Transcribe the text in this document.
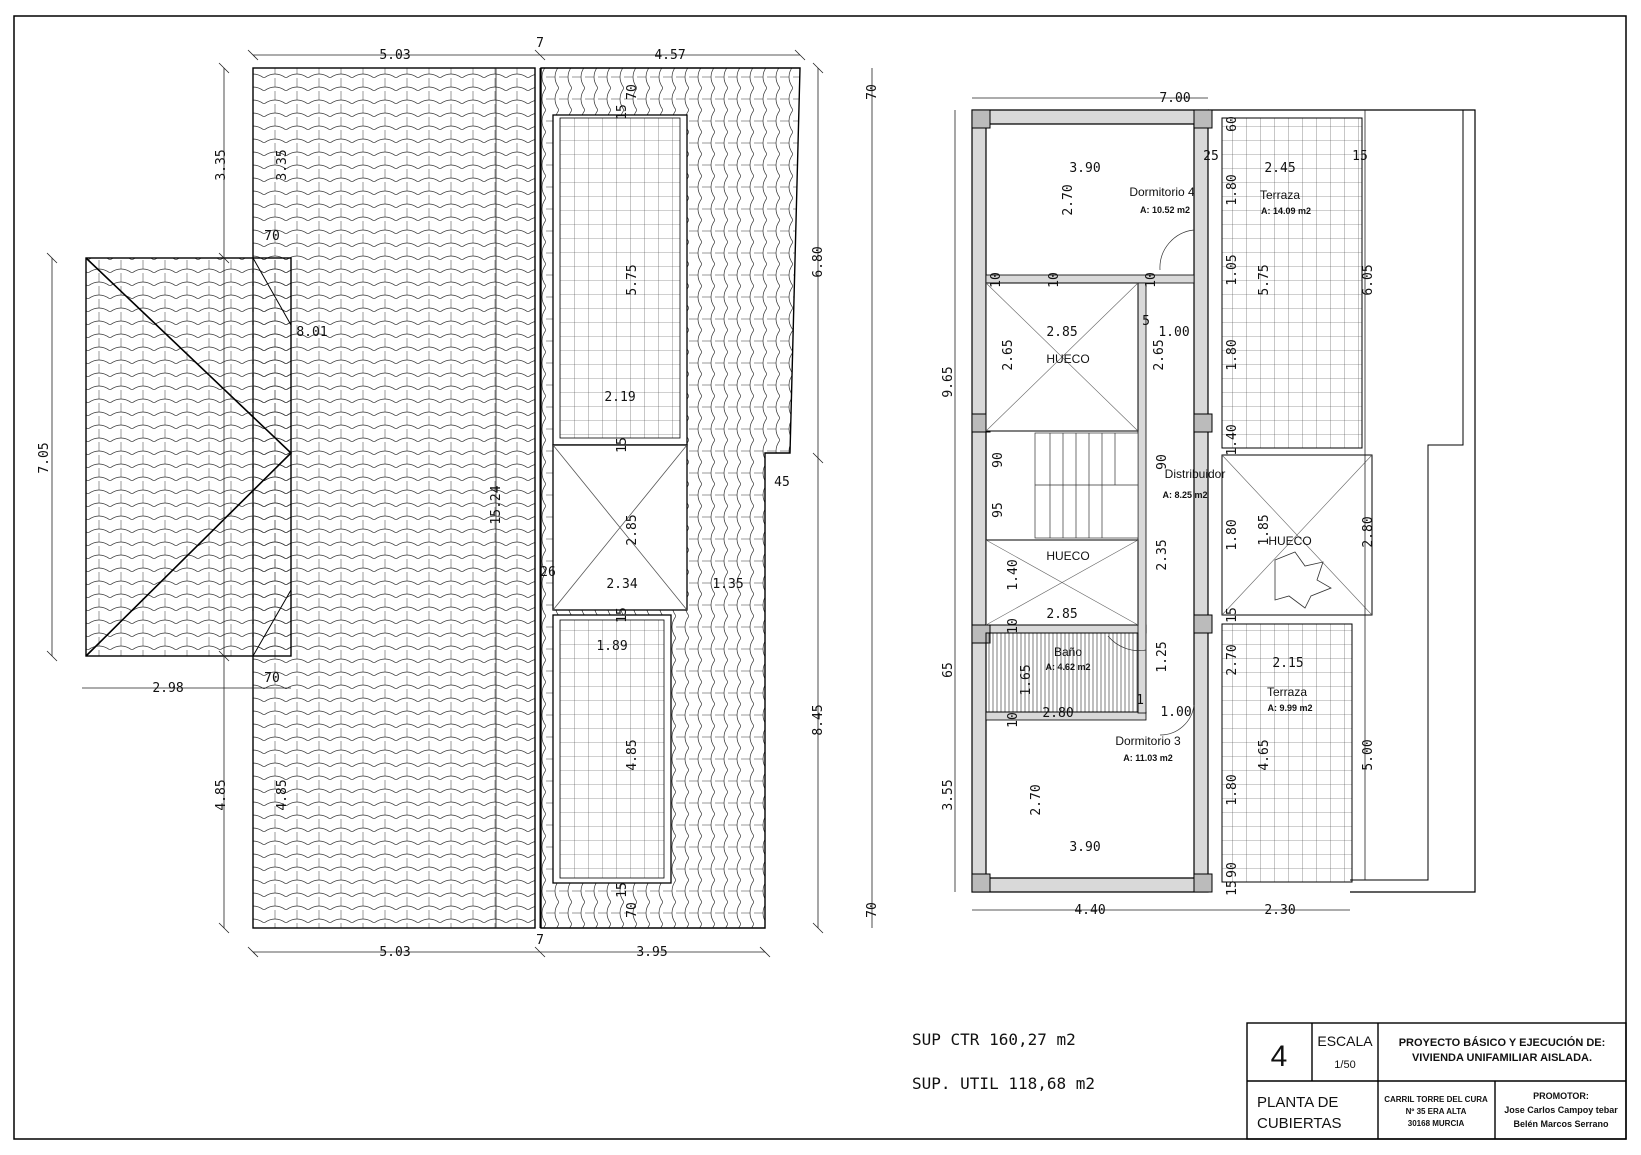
5.03
7
4.57
3.35	3.35
70
7.05
8.01
70
2.98
4.85	4.85
15.24
70
15
5.75
2.19
15
2.85
26
2.34	1.35
15
1.89
4.85
15
70
45
6.80
8.45
70
70
5.03
7
3.95
7.00
9.65
65
3.55
3.90
2.70
25
60
2.45
15
1.80
1.05 5.75
1.80
6.05
2.85
2.65	2.65
10	10	10
5
1.00
90	90
95
1.40
1.40
1.85
1.80
2.35
2.80
2.85
10
1.65
2.80
10
1.25
1
1.00
15
2.70 2.15
4.65
1.80
5.00
2.70
3.90
90
15
4.40	2.30
Dormitorio 4
A: 10.52 m2
Terraza
A: 14.09 m2
HUECO
Distribuidor
A: 8.25 m2
HUECO
HUECO
Baño
A: 4.62 m2
Terraza
A: 9.99 m2
Dormitorio 3
A: 11.03 m2
SUP CTR 160,27 m2
SUP. UTIL 118,68 m2
4 ESCALA
1/50
PROYECTO BÁSICO Y EJECUCIÓN DE:
VIVIENDA UNIFAMILIAR AISLADA.
PLANTA DE
CUBIERTAS
CARRIL TORRE DEL CURA
Nº 35 ERA ALTA
30168 MURCIA
PROMOTOR:
Jose Carlos Campoy tebar
Belén Marcos Serrano
